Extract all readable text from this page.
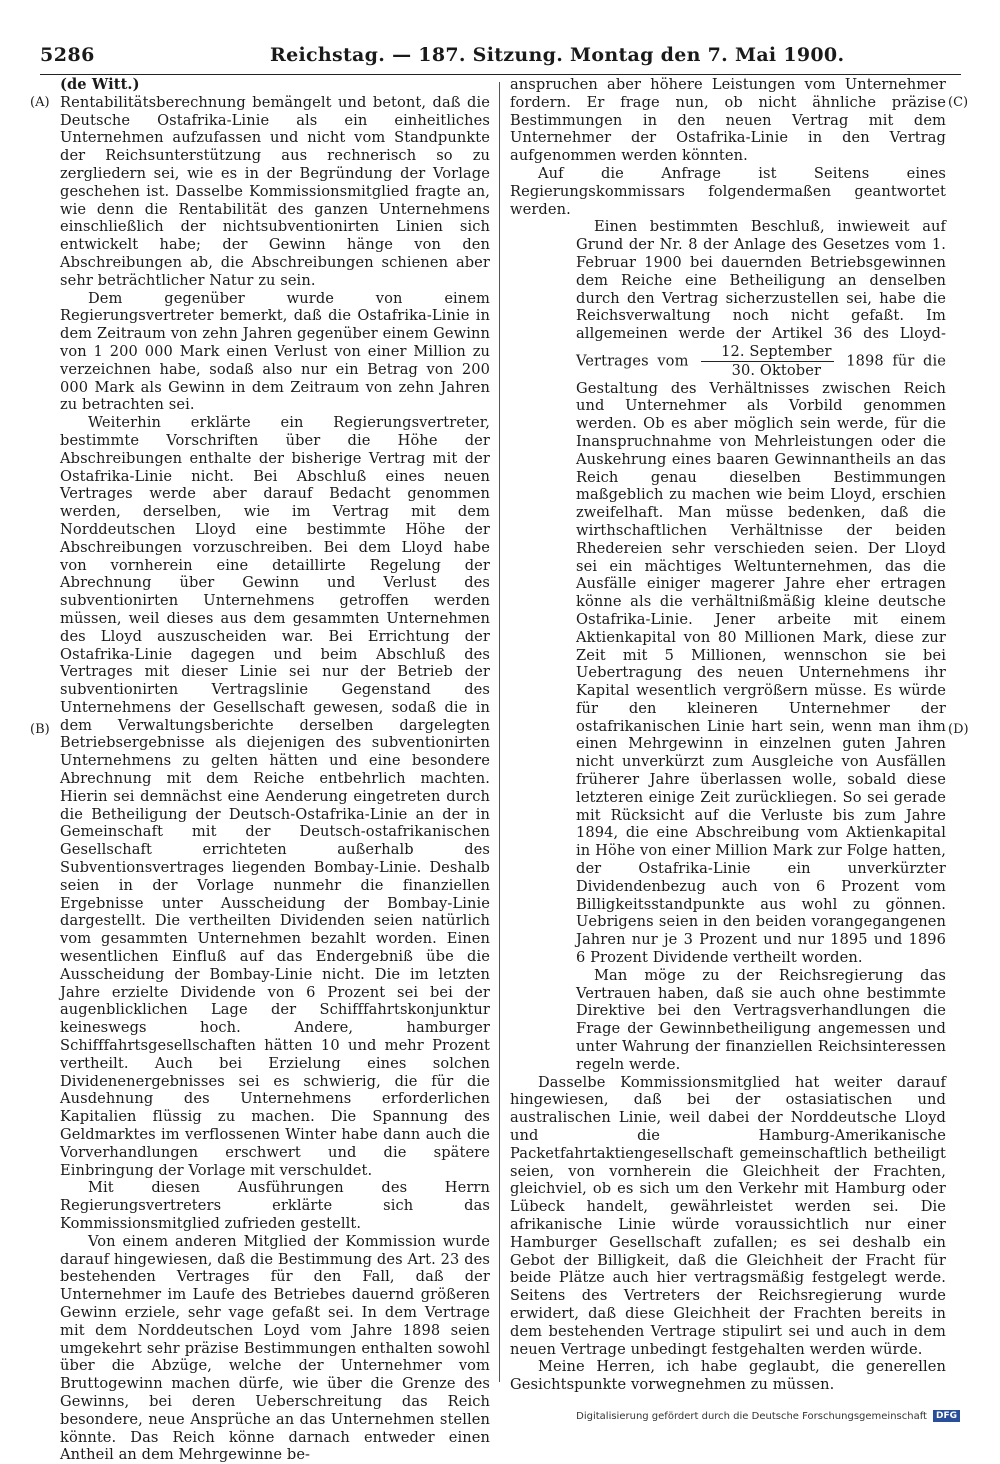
5286	Reichstag. — 187. Sitzung. Montag den 7. Mai 1900.
(A)
(B)
(C)
(D)

(de Witt.)

Rentabilitätsberechnung bemängelt und betont, daß die Deutsche Ostafrika-Linie als ein einheitliches Unternehmen aufzufassen und nicht vom Standpunkte der Reichsunterstützung aus rechnerisch so zu zergliedern sei, wie es in der Begründung der Vorlage geschehen ist. Dasselbe Kommissionsmitglied fragte an, wie denn die Rentabilität des ganzen Unternehmens einschließlich der nichtsubventionirten Linien sich entwickelt habe; der Gewinn hänge von den Abschreibungen ab, die Abschreibungen schienen aber sehr beträchtlicher Natur zu sein.

Dem gegenüber wurde von einem Regierungsvertreter bemerkt, daß die Ostafrika-Linie in dem Zeitraum von zehn Jahren gegenüber einem Gewinn von 1 200 000 Mark einen Verlust von einer Million zu verzeichnen habe, sodaß also nur ein Betrag von 200 000 Mark als Gewinn in dem Zeitraum von zehn Jahren zu betrachten sei.

Weiterhin erklärte ein Regierungsvertreter, bestimmte Vorschriften über die Höhe der Abschreibungen enthalte der bisherige Vertrag mit der Ostafrika-Linie nicht. Bei Abschluß eines neuen Vertrages werde aber darauf Bedacht genommen werden, derselben, wie im Vertrag mit dem Norddeutschen Lloyd eine bestimmte Höhe der Abschreibungen vorzuschreiben. Bei dem Lloyd habe von vornherein eine detaillirte Regelung der Abrechnung über Gewinn und Verlust des subventionirten Unternehmens getroffen werden müssen, weil dieses aus dem gesammten Unternehmen des Lloyd auszuscheiden war. Bei Errichtung der Ostafrika-Linie dagegen und beim Abschluß des Vertrages mit dieser Linie sei nur der Betrieb der subventionirten Vertragslinie Gegenstand des Unternehmens der Gesellschaft gewesen, sodaß die in dem Verwaltungsberichte derselben dargelegten Betriebsergebnisse als diejenigen des subventionirten Unternehmens zu gelten hätten und eine besondere Abrechnung mit dem Reiche entbehrlich machten. Hierin sei demnächst eine Aenderung eingetreten durch die Betheiligung der Deutsch-Ostafrika-Linie an der in Gemeinschaft mit der Deutsch-ostafrikanischen Gesellschaft errichteten außerhalb des Subventionsvertrages liegenden Bombay-Linie. Deshalb seien in der Vorlage nunmehr die finanziellen Ergebnisse unter Ausscheidung der Bombay-Linie dargestellt. Die vertheilten Dividenden seien natürlich vom gesammten Unternehmen bezahlt worden. Einen wesentlichen Einfluß auf das Endergebniß übe die Ausscheidung der Bombay-Linie nicht. Die im letzten Jahre erzielte Dividende von 6 Prozent sei bei der augenblicklichen Lage der Schifffahrtskonjunktur keineswegs hoch. Andere, hamburger Schifffahrtsgesellschaften hätten 10 und mehr Prozent vertheilt. Auch bei Erzielung eines solchen Dividenenergebnisses sei es schwierig, die für die Ausdehnung des Unternehmens erforderlichen Kapitalien flüssig zu machen. Die Spannung des Geldmarktes im verflossenen Winter habe dann auch die Vorverhandlungen erschwert und die spätere Einbringung der Vorlage mit verschuldet.

Mit diesen Ausführungen des Herrn Regierungsvertreters erklärte sich das Kommissionsmitglied zufrieden gestellt.

Von einem anderen Mitglied der Kommission wurde darauf hingewiesen, daß die Bestimmung des Art. 23 des bestehenden Vertrages für den Fall, daß der Unternehmer im Laufe des Betriebes dauernd größeren Gewinn erziele, sehr vage gefaßt sei. In dem Vertrage mit dem Norddeutschen Loyd vom Jahre 1898 seien umgekehrt sehr präzise Bestimmungen enthalten sowohl über die Abzüge, welche der Unternehmer vom Bruttogewinn machen dürfe, wie über die Grenze des Gewinns, bei deren Ueberschreitung das Reich besondere, neue Ansprüche an das Unternehmen stellen könnte. Das Reich könne darnach entweder einen Antheil an dem Mehrgewinne be-

anspruchen aber höhere Leistungen vom Unternehmer fordern. Er frage nun, ob nicht ähnliche präzise Bestimmungen in den neuen Vertrag mit dem Unternehmer der Ostafrika-Linie in den Vertrag aufgenommen werden könnten.

Auf die Anfrage ist Seitens eines Regierungskommissars folgendermaßen geantwortet werden.

Einen bestimmten Beschluß, inwieweit auf Grund der Nr. 8 der Anlage des Gesetzes vom 1. Februar 1900 bei dauernden Betriebsgewinnen dem Reiche eine Betheiligung an denselben durch den Vertrag sicherzustellen sei, habe die Reichsverwaltung noch nicht gefaßt. Im allgemeinen werde der Artikel 36 des Lloyd-Vertrages vom $\frac{\text{12. September}}{\text{30. Oktober}} 1898$ für die Gestaltung des Verhältnisses zwischen Reich und Unternehmer als Vorbild genommen werden. Ob es aber möglich sein werde, für die Inanspruchnahme von Mehrleistungen oder die Auskehrung eines baaren Gewinnantheils an das Reich genau dieselben Bestimmungen maßgeblich zu machen wie beim Lloyd, erschien zweifelhaft. Man müsse bedenken, daß die wirthschaftlichen Verhältnisse der beiden Rhedereien sehr verschieden seien. Der Lloyd sei ein mächtiges Weltunternehmen, das die Ausfälle einiger magerer Jahre eher ertragen könne als die verhältnißmäßig kleine deutsche Ostafrika-Linie. Jener arbeite mit einem Aktienkapital von 80 Millionen Mark, diese zur Zeit mit 5 Millionen, wennschon sie bei Uebertragung des neuen Unternehmens ihr Kapital wesentlich vergrößern müsse. Es würde für den kleineren Unternehmer der ostafrikanischen Linie hart sein, wenn man ihm einen Mehrgewinn in einzelnen guten Jahren nicht unverkürzt zum Ausgleiche von Ausfällen früherer Jahre überlassen wolle, sobald diese letzteren einige Zeit zurückliegen. So sei gerade mit Rücksicht auf die Verluste bis zum Jahre 1894, die eine Abschreibung vom Aktienkapital in Höhe von einer Million Mark zur Folge hatten, der Ostafrika-Linie ein unverkürzter Dividendenbezug auch von 6 Prozent vom Billigkeitsstandpunkte aus wohl zu gönnen. Uebrigens seien in den beiden vorangegangenen Jahren nur je 3 Prozent und nur 1895 und 1896 6 Prozent Dividende vertheilt worden.

Man möge zu der Reichsregierung das Vertrauen haben, daß sie auch ohne bestimmte Direktive bei den Vertragsverhandlungen die Frage der Gewinnbetheiligung angemessen und unter Wahrung der finanziellen Reichsinteressen regeln werde.

Dasselbe Kommissionsmitglied hat weiter darauf hingewiesen, daß bei der ostasiatischen und australischen Linie, weil dabei der Norddeutsche Lloyd und die Hamburg-Amerikanische Packetfahrtaktiengesellschaft gemeinschaftlich betheiligt seien, von vornherein die Gleichheit der Frachten, gleichviel, ob es sich um den Verkehr mit Hamburg oder Lübeck handelt, gewährleistet werden sei. Die afrikanische Linie würde voraussichtlich nur einer Hamburger Gesellschaft zufallen; es sei deshalb ein Gebot der Billigkeit, daß die Gleichheit der Fracht für beide Plätze auch hier vertragsmäßig festgelegt werde. Seitens des Vertreters der Reichsregierung wurde erwidert, daß diese Gleichheit der Frachten bereits in dem bestehenden Vertrage stipulirt sei und auch in dem neuen Vertrage unbedingt festgehalten werden würde.

Meine Herren, ich habe geglaubt, die generellen Gesichtspunkte vorwegnehmen zu müssen.

Digitalisierung gefördert durch die Deutsche Forschungsgemeinschaft	DFG
